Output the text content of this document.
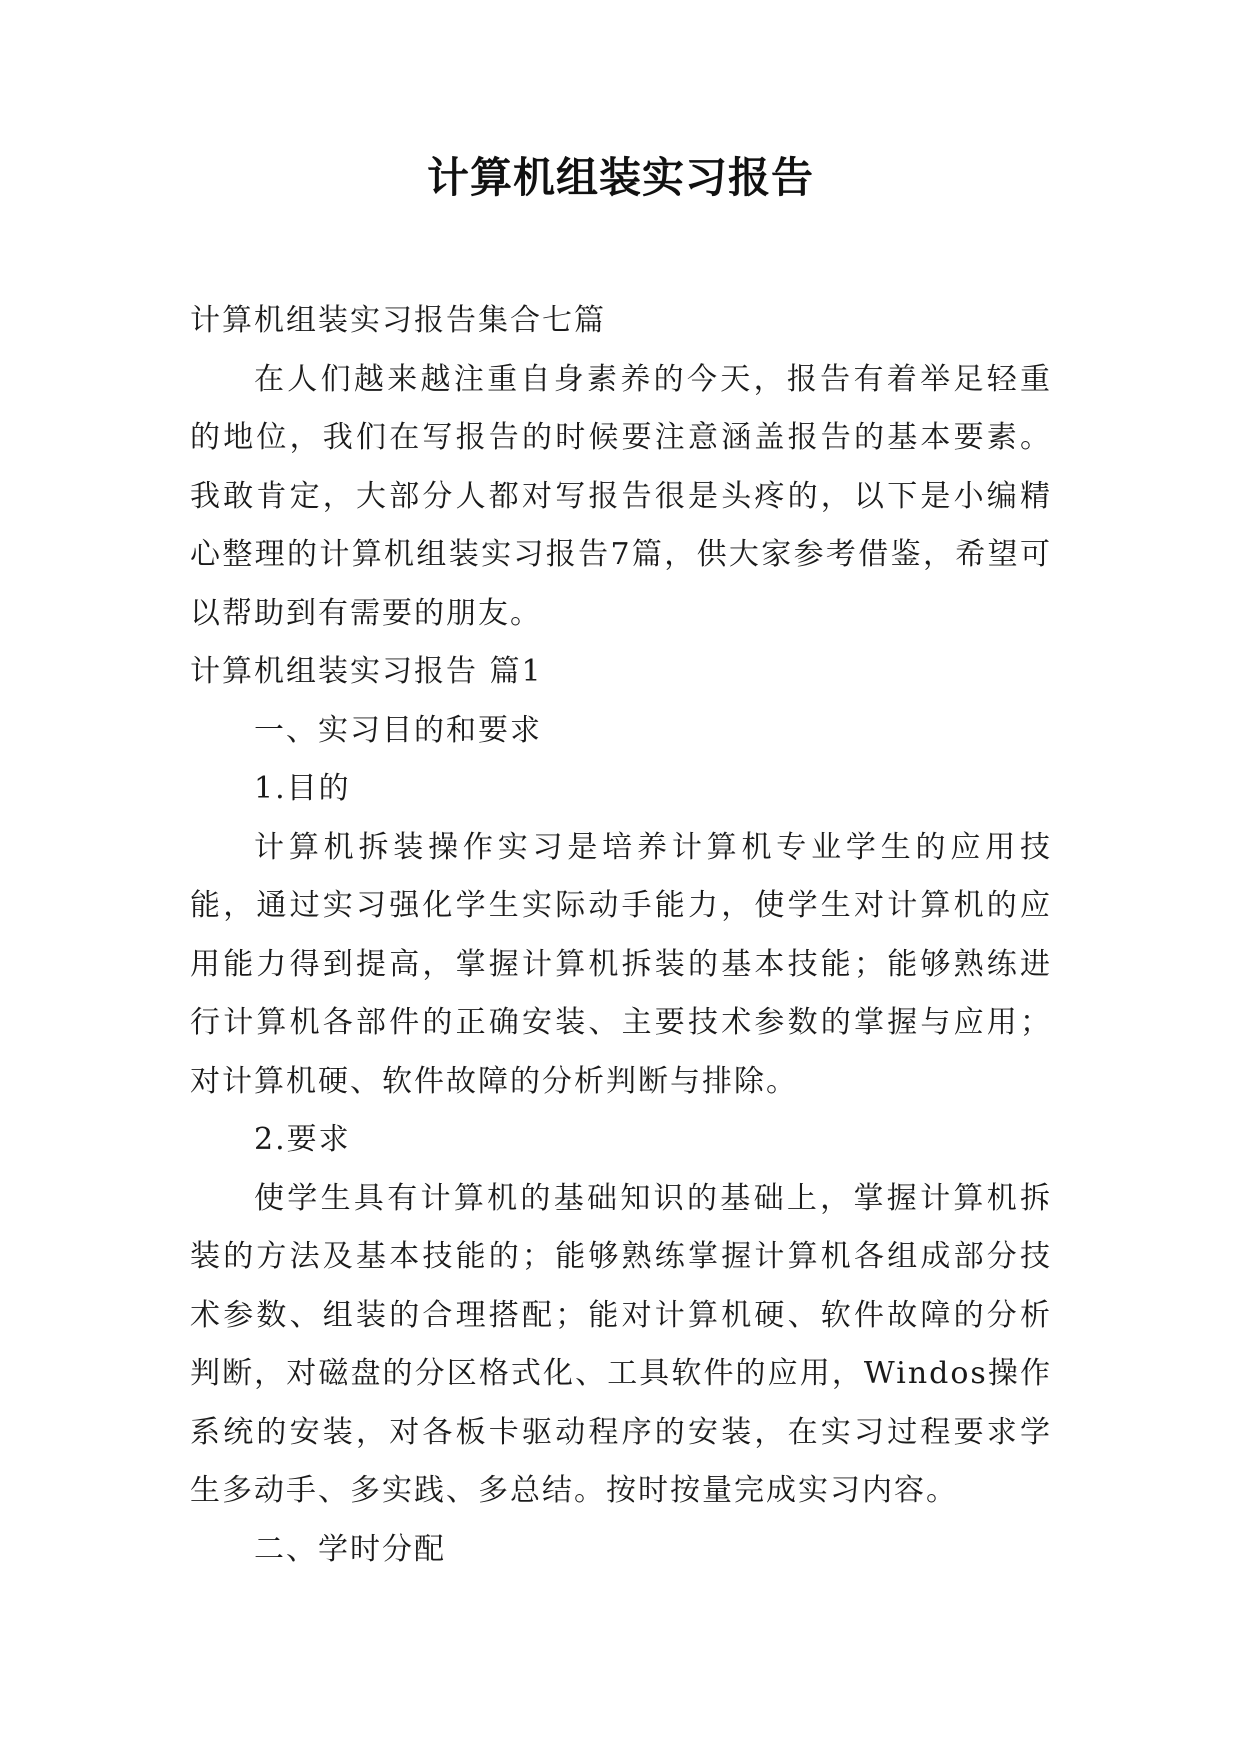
计算机组装实习报告

计算机组装实习报告集合七篇

在人们越来越注重自身素养的今天，报告有着举足轻重的地位，我们在写报告的时候要注意涵盖报告的基本要素。我敢肯定，大部分人都对写报告很是头疼的，以下是小编精心整理的计算机组装实习报告7篇，供大家参考借鉴，希望可以帮助到有需要的朋友。

计算机组装实习报告 篇1

一、实习目的和要求

1.目的

计算机拆装操作实习是培养计算机专业学生的应用技能，通过实习强化学生实际动手能力，使学生对计算机的应用能力得到提高，掌握计算机拆装的基本技能；能够熟练进行计算机各部件的正确安装、主要技术参数的掌握与应用；对计算机硬、软件故障的分析判断与排除。

2.要求

使学生具有计算机的基础知识的基础上，掌握计算机拆装的方法及基本技能的；能够熟练掌握计算机各组成部分技术参数、组装的合理搭配；能对计算机硬、软件故障的分析判断，对磁盘的分区格式化、工具软件的应用，Windos操作系统的安装，对各板卡驱动程序的安装，在实习过程要求学生多动手、多实践、多总结。按时按量完成实习内容。

二、学时分配
